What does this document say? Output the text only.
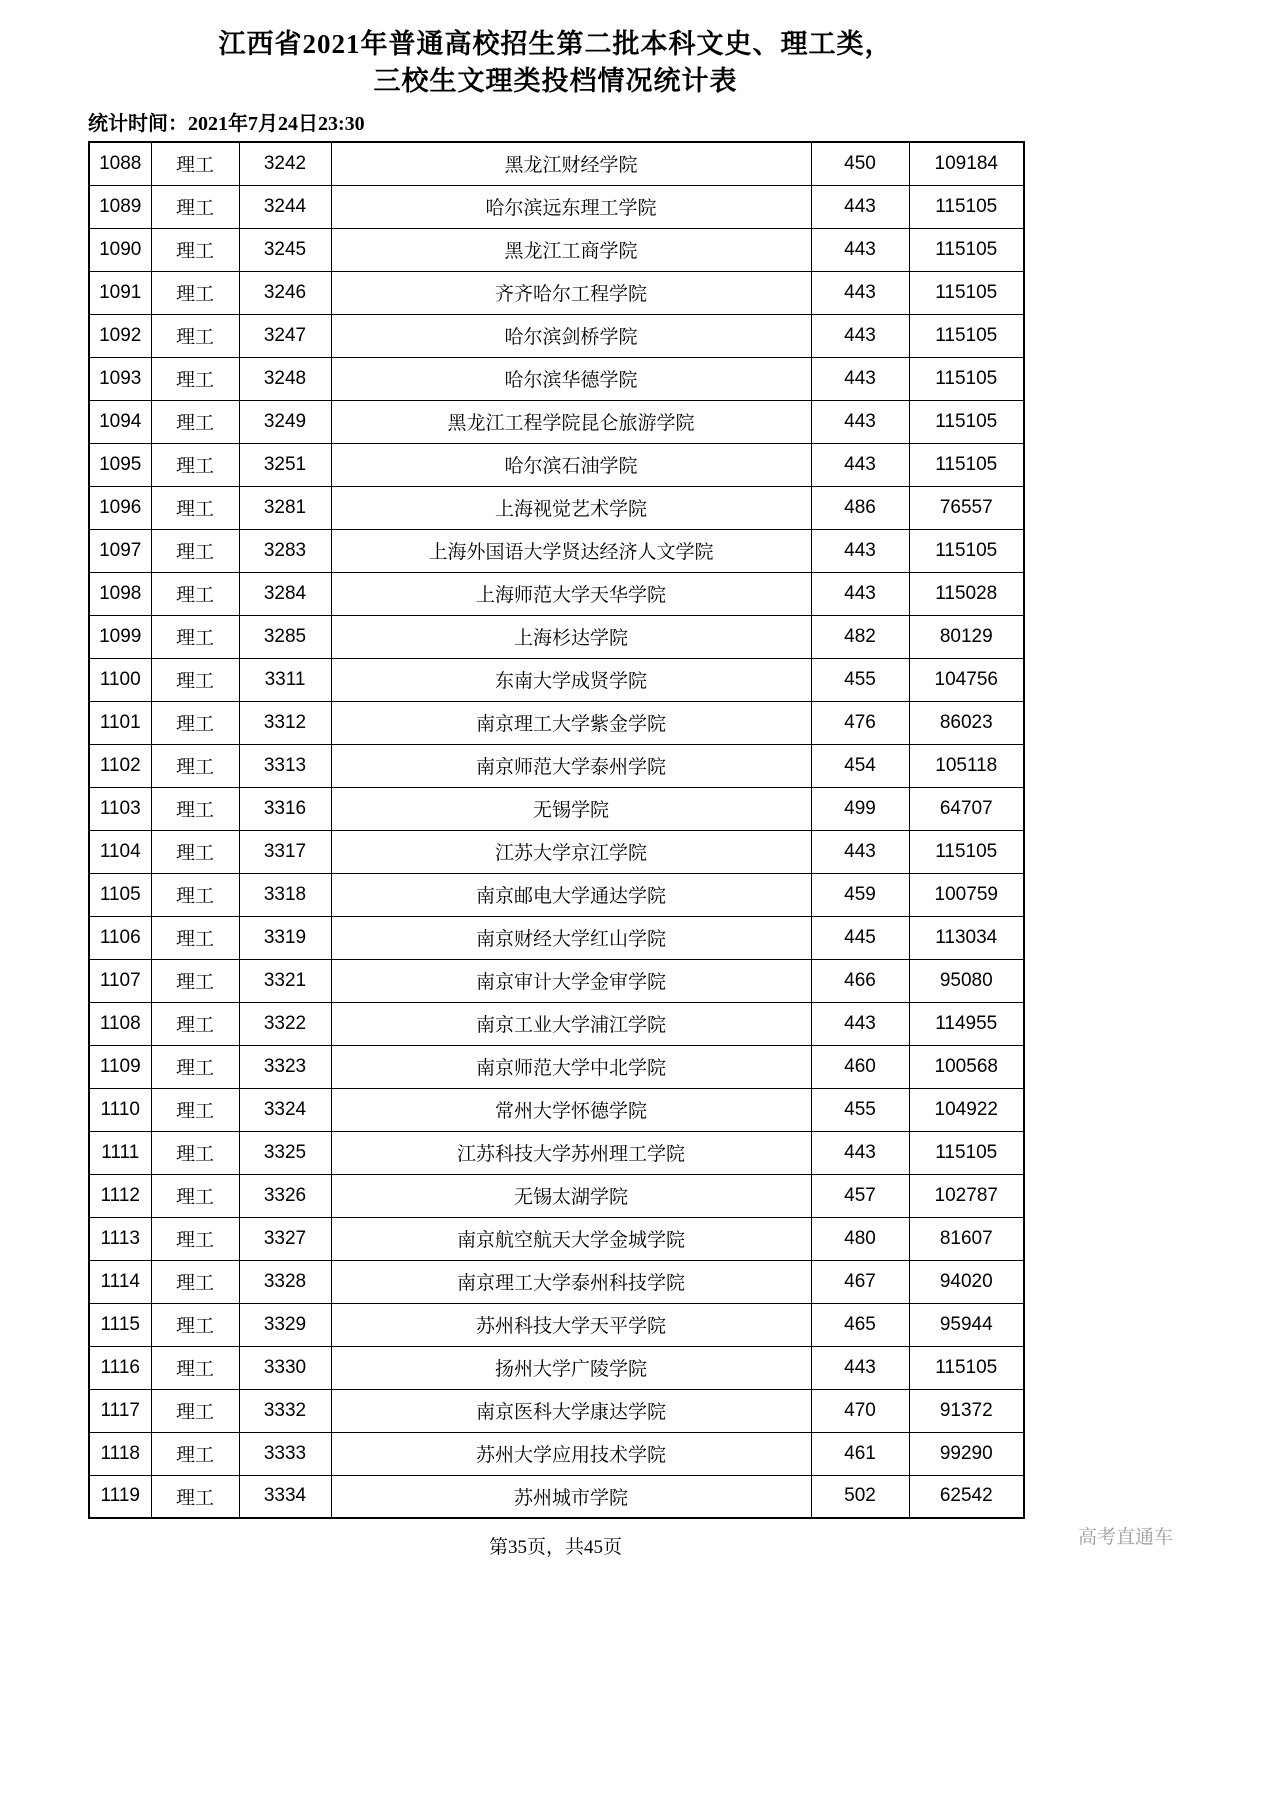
江西省2021年普通高校招生第二批本科文史、理工类，
三校生文理类投档情况统计表
统计时间：2021年7月24日23:30
1088	理工	3242	黑龙江财经学院	450	109184
1089	理工	3244	哈尔滨远东理工学院	443	115105
1090	理工	3245	黑龙江工商学院	443	115105
1091	理工	3246	齐齐哈尔工程学院	443	115105
1092	理工	3247	哈尔滨剑桥学院	443	115105
1093	理工	3248	哈尔滨华德学院	443	115105
1094	理工	3249	黑龙江工程学院昆仑旅游学院	443	115105
1095	理工	3251	哈尔滨石油学院	443	115105
1096	理工	3281	上海视觉艺术学院	486	76557
1097	理工	3283	上海外国语大学贤达经济人文学院	443	115105
1098	理工	3284	上海师范大学天华学院	443	115028
1099	理工	3285	上海杉达学院	482	80129
1100	理工	3311	东南大学成贤学院	455	104756
1101	理工	3312	南京理工大学紫金学院	476	86023
1102	理工	3313	南京师范大学泰州学院	454	105118
1103	理工	3316	无锡学院	499	64707
1104	理工	3317	江苏大学京江学院	443	115105
1105	理工	3318	南京邮电大学通达学院	459	100759
1106	理工	3319	南京财经大学红山学院	445	113034
1107	理工	3321	南京审计大学金审学院	466	95080
1108	理工	3322	南京工业大学浦江学院	443	114955
1109	理工	3323	南京师范大学中北学院	460	100568
1110	理工	3324	常州大学怀德学院	455	104922
1111	理工	3325	江苏科技大学苏州理工学院	443	115105
1112	理工	3326	无锡太湖学院	457	102787
1113	理工	3327	南京航空航天大学金城学院	480	81607
1114	理工	3328	南京理工大学泰州科技学院	467	94020
1115	理工	3329	苏州科技大学天平学院	465	95944
1116	理工	3330	扬州大学广陵学院	443	115105
1117	理工	3332	南京医科大学康达学院	470	91372
1118	理工	3333	苏州大学应用技术学院	461	99290
1119	理工	3334	苏州城市学院	502	62542
第35页，共45页	高考直通车
